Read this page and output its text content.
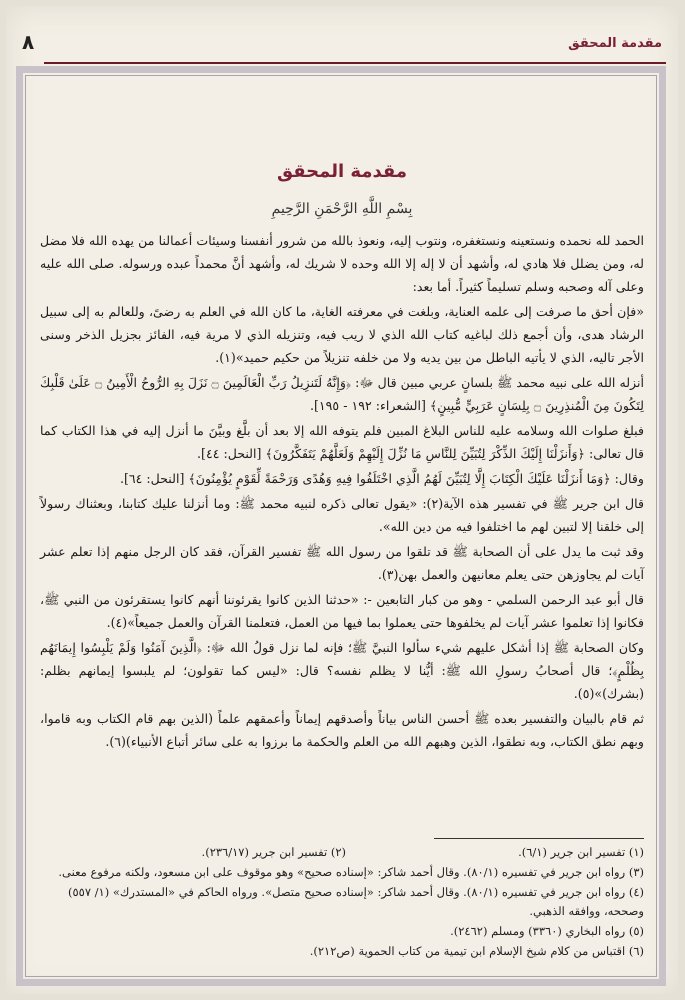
مقدمة المحقق
٨
مقدمة المحقق
بِسْمِ اللَّهِ الرَّحْمَنِ الرَّحِيمِ

الحمد لله نحمده ونستعينه ونستغفره، ونتوب إليه، ونعوذ بالله من شرور أنفسنا وسيئات أعمالنا من يهده الله فلا مضل له، ومن يضلل فلا هادي له، وأشهد أن لا إله إلا الله وحده لا شريك له، وأشهد أنَّ محمداً عبده ورسوله. صلى الله عليه وعلى آله وصحبه وسلم تسليماً كثيراً. أما بعد:

«فإن أحق ما صرفت إلى علمه العناية، وبلغت في معرفته الغاية، ما كان الله في العلم به رضىً، وللعالم به إلى سبيل الرشاد هدى، وأن أجمع ذلك لباغيه كتاب الله الذي لا ريب فيه، وتنزيله الذي لا مرية فيه، الفائز بجزيل الذخر وسنى الأجر تاليه، الذي لا يأتيه الباطل من بين يديه ولا من خلفه تنزيلاً من حكيم حميد»(١).

أنزله الله على نبيه محمد ﷺ بلسانٍ عربي مبين قال ﷻ: ﴿وَإِنَّهُ لَتَنزِيلُ رَبِّ الْعَالَمِينَ ۝ نَزَلَ بِهِ الرُّوحُ الْأَمِينُ ۝ عَلَىٰ قَلْبِكَ لِتَكُونَ مِنَ الْمُنذِرِينَ ۝ بِلِسَانٍ عَرَبِيٍّ مُّبِينٍ﴾ [الشعراء: ١٩٢ - ١٩٥].

فبلغ صلوات الله وسلامه عليه للناس البلاغ المبين فلم يتوفه الله إلا بعد أن بلَّغ وبيَّنَ ما أنزل إليه في هذا الكتاب كما قال تعالى: ﴿وَأَنزَلْنَا إِلَيْكَ الذِّكْرَ لِتُبَيِّنَ لِلنَّاسِ مَا نُزِّلَ إِلَيْهِمْ وَلَعَلَّهُمْ يَتَفَكَّرُونَ﴾ [النحل: ٤٤].

وقال: ﴿وَمَا أَنزَلْنَا عَلَيْكَ الْكِتَابَ إِلَّا لِتُبَيِّنَ لَهُمُ الَّذِي اخْتَلَفُوا فِيهِ وَهُدًى وَرَحْمَةً لِّقَوْمٍ يُؤْمِنُونَ﴾ [النحل: ٦٤].

قال ابن جرير ﷺ في تفسير هذه الآية(٢): «يقول تعالى ذكره لنبيه محمد ﷺ: وما أنزلنا عليك كتابنا، وبعثناك رسولاً إلى خلقنا إلا لتبين لهم ما اختلفوا فيه من دين الله».

وقد ثبت ما يدل على أن الصحابة ﷺ قد تلقوا من رسول الله ﷺ تفسير القرآن، فقد كان الرجل منهم إذا تعلم عشر آيات لم يجاوزهن حتى يعلم معانيهن والعمل بهن(٣).

قال أبو عبد الرحمن السلمي - وهو من كبار التابعين -: «حدثنا الذين كانوا يقرئوننا أنهم كانوا يستقرئون من النبي ﷺ، فكانوا إذا تعلموا عشر آيات لم يخلفوها حتى يعملوا بما فيها من العمل، فتعلمنا القرآن والعمل جميعاً»(٤).

وكان الصحابة ﷺ إذا أشكل عليهم شيء سألوا النبيَّ ﷺ؛ فإنه لما نزل قولُ الله ﷻ: ﴿الَّذِينَ آمَنُوا وَلَمْ يَلْبِسُوا إِيمَانَهُم بِظُلْمٍ﴾؛ قال أصحابُ رسولِ الله ﷺ: أيُّنا لا يظلم نفسه؟ قال: «ليس كما تقولون؛ لم يلبسوا إيمانهم بظلم: (بشرك)»(٥).

ثم قام بالبيان والتفسير بعده ﷺ أحسن الناس بياناً وأصدقهم إيماناً وأعمقهم علماً (الذين بهم قام الكتاب وبه قاموا، وبهم نطق الكتاب، وبه نطقوا، الذين وهبهم الله من العلم والحكمة ما برزوا به على سائر أتباع الأنبياء)(٦).

(١) تفسير ابن جرير (٦/١).
(٢) تفسير ابن جرير (٢٣٦/١٧).
(٣) رواه ابن جرير في تفسيره (٨٠/١). وقال أحمد شاكر: «إسناده صحيح» وهو موقوف على ابن مسعود، ولكنه مرفوع معنى.
(٤) رواه ابن جرير في تفسيره (٨٠/١). وقال أحمد شاكر: «إسناده صحيح متصل». ورواه الحاكم في «المستدرك» (١/ ٥٥٧) وصححه، ووافقه الذهبي.
(٥) رواه البخاري (٣٣٦٠) ومسلم (٢٤٦٢).
(٦) اقتباس من كلام شيخ الإسلام ابن تيمية من كتاب الحموية (ص٢١٢).
